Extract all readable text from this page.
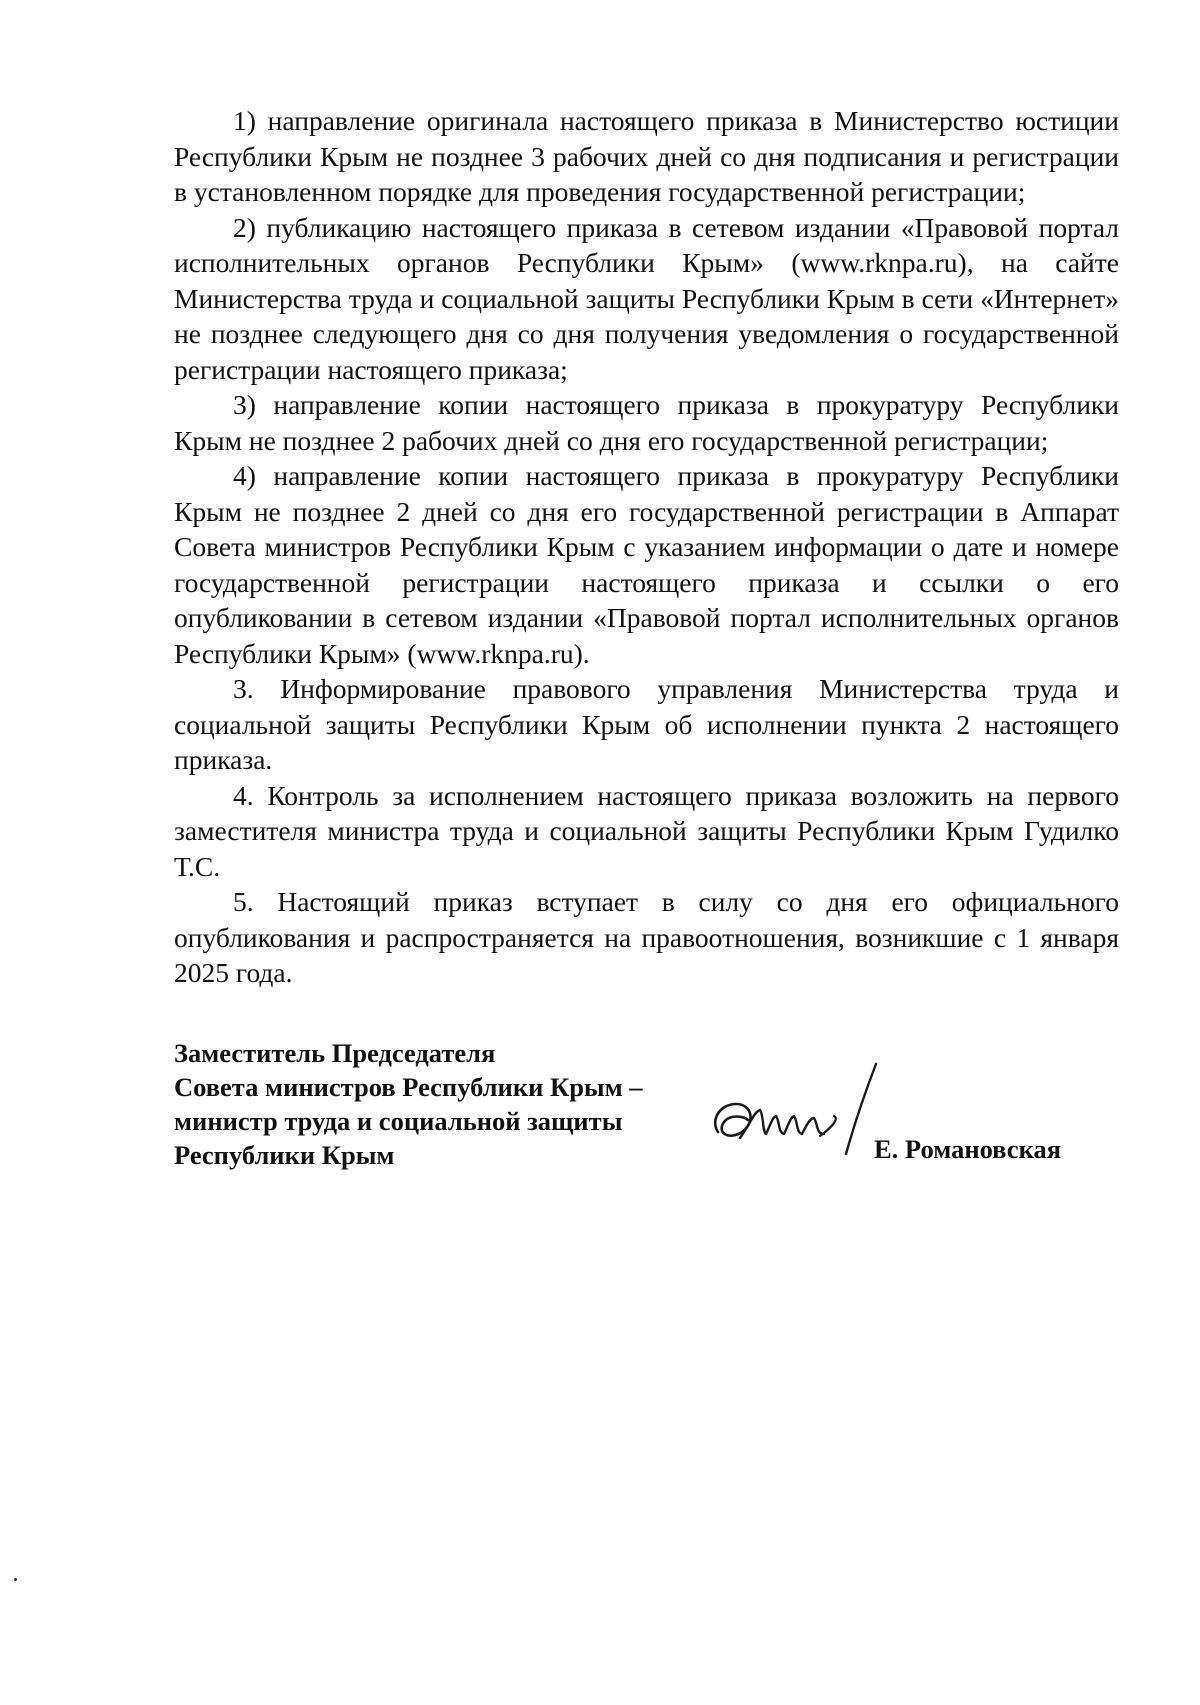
1) направление оригинала настоящего приказа в Министерство юстиции Республики Крым не позднее 3 рабочих дней со дня подписания и регистрации в установленном порядке для проведения государственной регистрации;

2) публикацию настоящего приказа в сетевом издании «Правовой портал исполнительных органов Республики Крым» (www.rknpa.ru), на сайте Министерства труда и социальной защиты Республики Крым в сети «Интернет» не позднее следующего дня со дня получения уведомления о государственной регистрации настоящего приказа;

3) направление копии настоящего приказа в прокуратуру Республики Крым не позднее 2 рабочих дней со дня его государственной регистрации;

4) направление копии настоящего приказа в прокуратуру Республики Крым не позднее 2 дней со дня его государственной регистрации в Аппарат Совета министров Республики Крым с указанием информации о дате и номере государственной регистрации настоящего приказа и ссылки о его опубликовании в сетевом издании «Правовой портал исполнительных органов Республики Крым» (www.rknpa.ru).

3. Информирование правового управления Министерства труда и социальной защиты Республики Крым об исполнении пункта 2 настоящего приказа.

4. Контроль за исполнением настоящего приказа возложить на первого заместителя министра труда и социальной защиты Республики Крым Гудилко Т.С.

5. Настоящий приказ вступает в силу со дня его официального опубликования и распространяется на правоотношения, возникшие с 1 января 2025 года.

Заместитель Председателя
Совета министров Республики Крым –
министр труда и социальной защиты
Республики Крым	Е. Романовская
